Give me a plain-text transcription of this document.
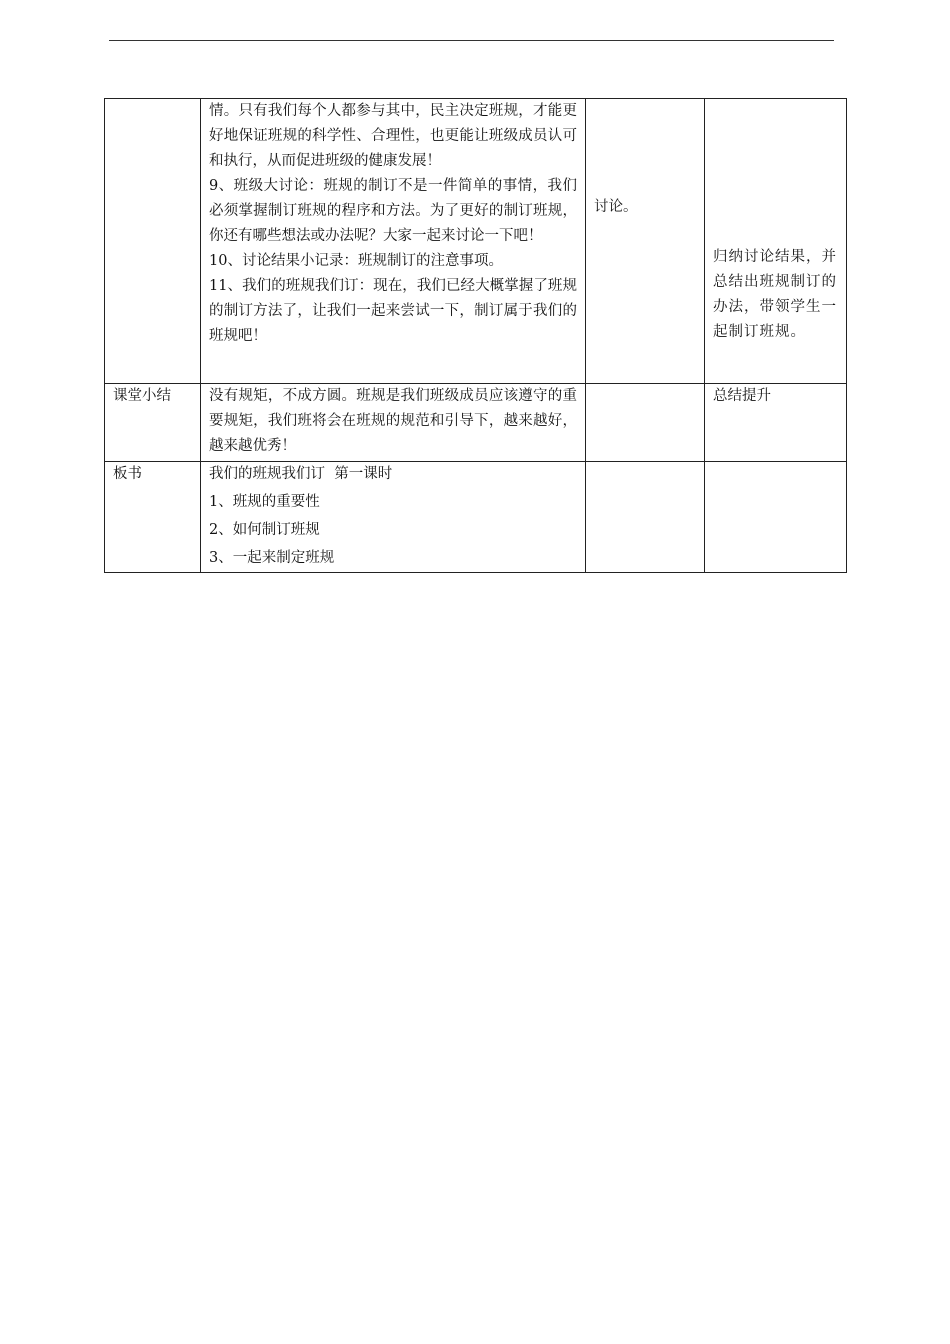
	情。只有我们每个人都参与其中，民主决定班规，才能更好地保证班规的科学性、合理性，也更能让班级成员认可和执行，从而促进班级的健康发展！
9、班级大讨论：班规的制订不是一件简单的事情，我们必须掌握制订班规的程序和方法。为了更好的制订班规，你还有哪些想法或办法呢？大家一起来讨论一下吧！
10、讨论结果小记录：班规制订的注意事项。
11、我们的班规我们订：现在，我们已经大概掌握了班规的制订方法了，让我们一起来尝试一下，制订属于我们的班规吧！	讨论。	归纳讨论结果，并总结出班规制订的办法，带领学生一起制订班规。

课堂小结	没有规矩，不成方圆。班规是我们班级成员应该遵守的重要规矩，我们班将会在班规的规范和引导下，越来越好，越来越优秀！		总结提升
板书	我们的班规我们订  第一课时
1、班规的重要性
2、如何制订班规
3、一起来制定班规		
